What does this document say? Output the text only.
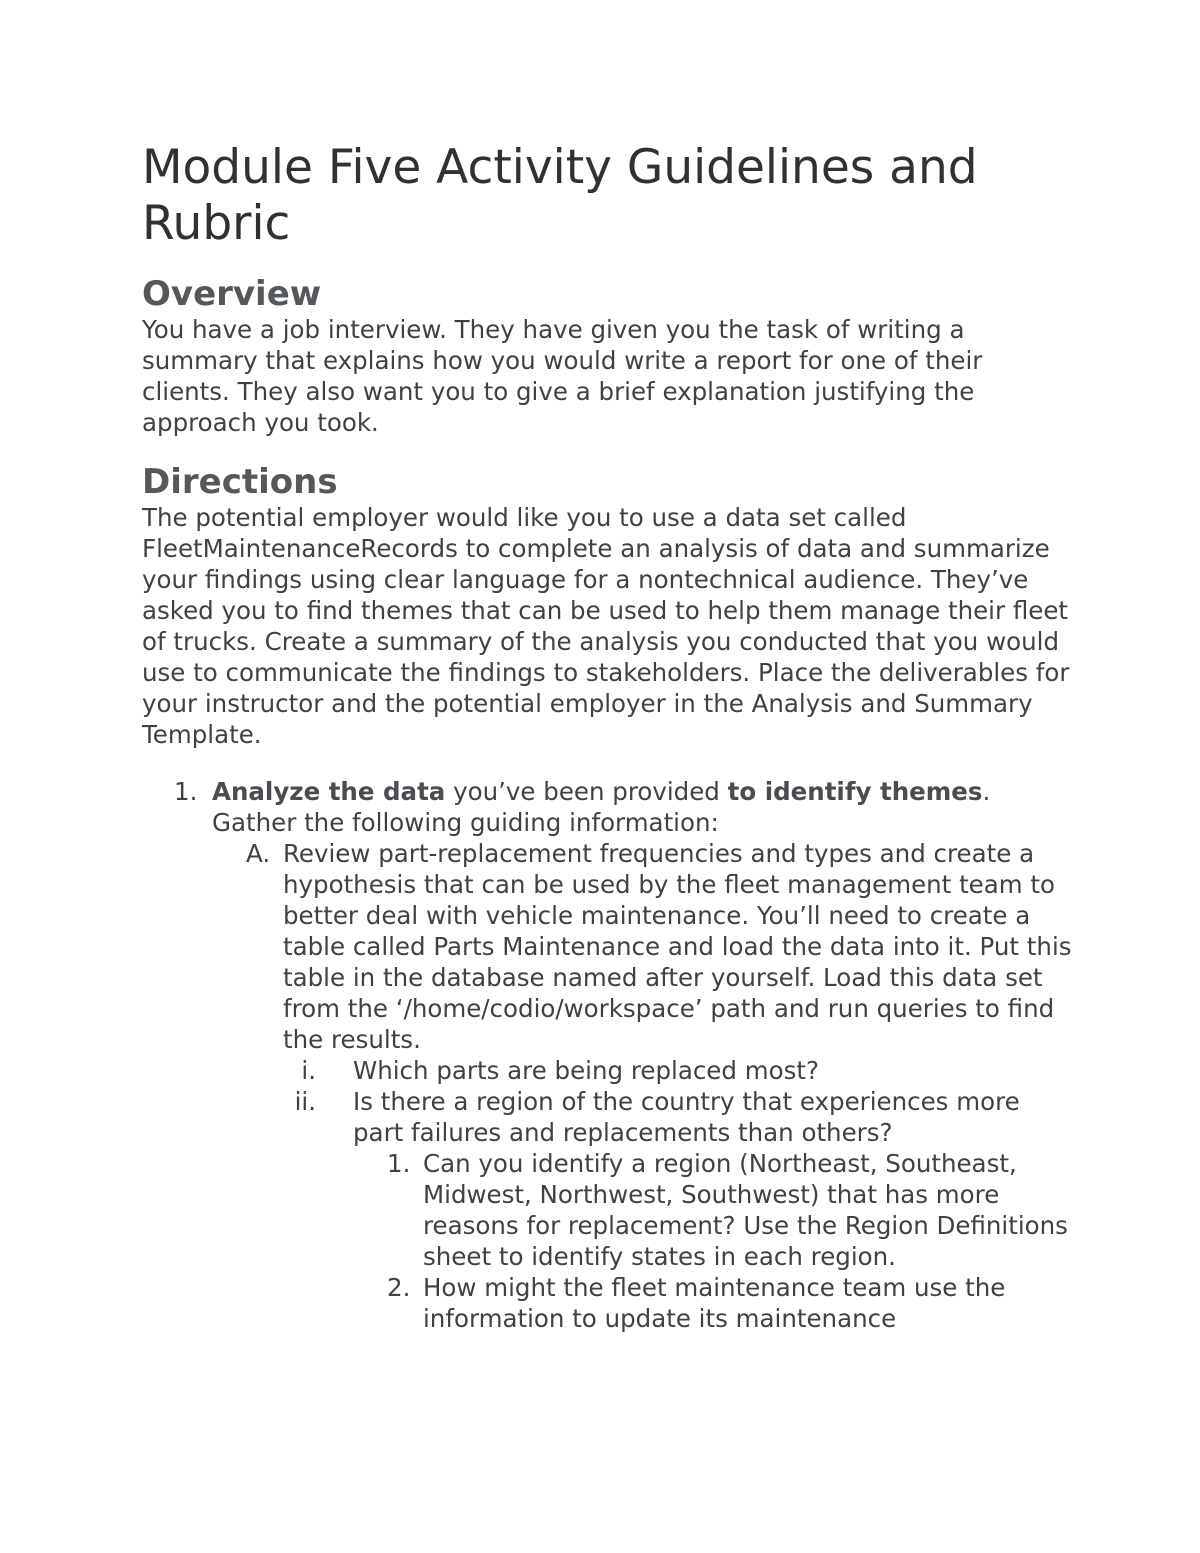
Module Five Activity Guidelines and Rubric
Overview

You have a job interview. They have given you the task of writing a summary that explains how you would write a report for one of their clients. They also want you to give a brief explanation justifying the approach you took.

Directions

The potential employer would like you to use a data set called FleetMaintenanceRecords to complete an analysis of data and summarize your findings using clear language for a nontechnical audience. They’ve asked you to find themes that can be used to help them manage their fleet of trucks. Create a summary of the analysis you conducted that you would use to communicate the findings to stakeholders. Place the deliverables for your instructor and the potential employer in the Analysis and Summary Template.

1. Analyze the data you’ve been provided to identify themes. Gather the following guiding information:
A. Review part-replacement frequencies and types and create a hypothesis that can be used by the fleet management team to better deal with vehicle maintenance. You’ll need to create a table called Parts Maintenance and load the data into it. Put this table in the database named after yourself. Load this data set from the ‘/home/codio/workspace’ path and run queries to find the results.
i. Which parts are being replaced most?
ii. Is there a region of the country that experiences more part failures and replacements than others?
1. Can you identify a region (Northeast, Southeast, Midwest, Northwest, Southwest) that has more reasons for replacement? Use the Region Definitions sheet to identify states in each region.
2. How might the fleet maintenance team use the information to update its maintenance
